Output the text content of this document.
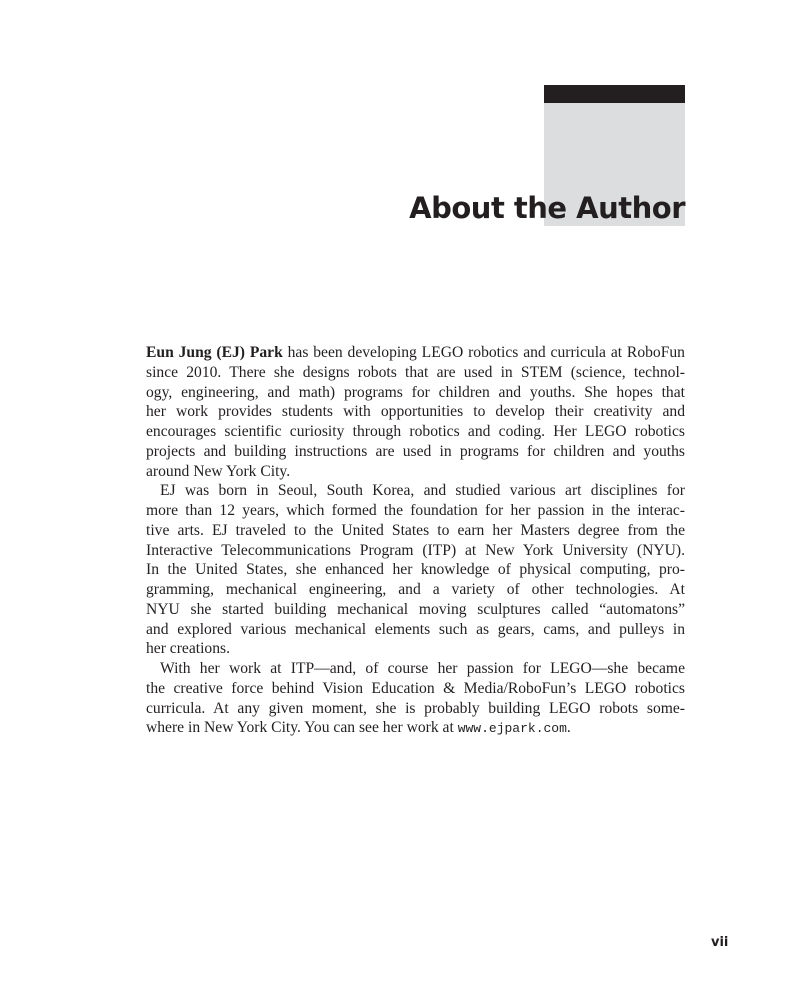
About the Author
Eun Jung (EJ) Park has been developing LEGO robotics and curricula at RoboFun
since 2010. There she designs robots that are used in STEM (science, technol-
ogy, engineering, and math) programs for children and youths. She hopes that
her work provides students with opportunities to develop their creativity and
encourages scientific curiosity through robotics and coding. Her LEGO robotics
projects and building instructions are used in programs for children and youths
around New York City.
EJ was born in Seoul, South Korea, and studied various art disciplines for
more than 12 years, which formed the foundation for her passion in the interac-
tive arts. EJ traveled to the United States to earn her Masters degree from the
Interactive Telecommunications Program (ITP) at New York University (NYU).
In the United States, she enhanced her knowledge of physical computing, pro-
gramming, mechanical engineering, and a variety of other technologies. At
NYU she started building mechanical moving sculptures called “automatons”
and explored various mechanical elements such as gears, cams, and pulleys in
her creations.
With her work at ITP—and, of course her passion for LEGO—she became
the creative force behind Vision Education & Media/RoboFun’s LEGO robotics
curricula. At any given moment, she is probably building LEGO robots some-
where in New York City. You can see her work at www.ejpark.com.
vii
